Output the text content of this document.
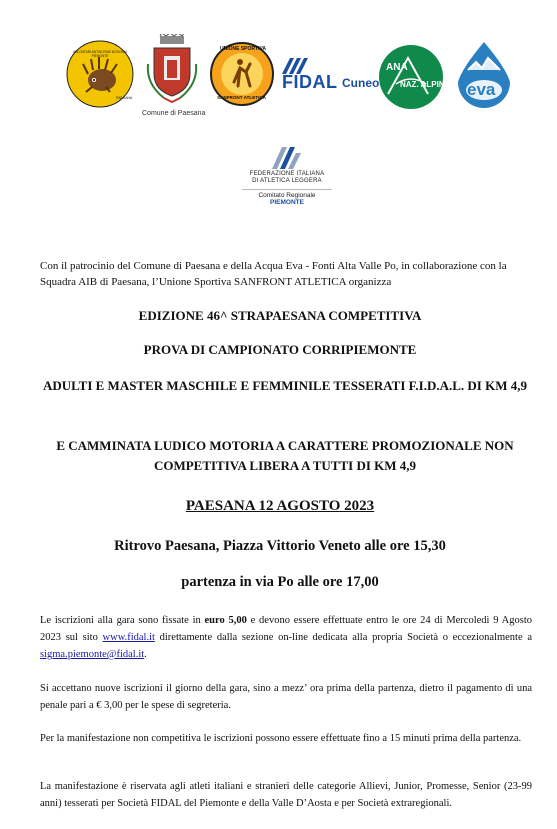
VOLONTARI ANTINCENDI BOSCHIVI PIEMONTE
PAESANA
Comune di Paesana
UNIONE SPORTIVA
SANFRONT ATLETICA
FIDAL Cuneo
ANA
NAZ. ALPINI eva
FEDERAZIONE ITALIANA
DI ATLETICA LEGGERA
Comitato Regionale PIEMONTE
Con il patrocinio del Comune di Paesana e della Acqua Eva - Fonti Alta Valle Po, in collaborazione con la Squadra AIB di Paesana, l’Unione Sportiva SANFRONT ATLETICA organizza
EDIZIONE 46^ STRAPAESANA COMPETITIVA
PROVA DI CAMPIONATO CORRIPIEMONTE
ADULTI E MASTER MASCHILE E FEMMINILE TESSERATI F.I.D.A.L. DI KM 4,9
E CAMMINATA LUDICO MOTORIA A CARATTERE PROMOZIONALE NON COMPETITIVA LIBERA A TUTTI DI KM 4,9
PAESANA 12 AGOSTO 2023
Ritrovo Paesana, Piazza Vittorio Veneto alle ore 15,30
partenza in via Po alle ore 17,00
Le iscrizioni alla gara sono fissate in euro 5,00 e devono essere effettuate entro le ore 24 di Mercoledì 9 Agosto 2023 sul sito www.fidal.it direttamente dalla sezione on-line dedicata alla propria Società o eccezionalmente a sigma.piemonte@fidal.it.
Si accettano nuove iscrizioni il giorno della gara, sino a mezz’ ora prima della partenza, dietro il pagamento di una penale pari a € 3,00 per le spese di segreteria.
Per la manifestazione non competitiva le iscrizioni possono essere effettuate fino a 15 minuti prima della partenza.
La manifestazione è riservata agli atleti italiani e stranieri delle categorie Allievi, Junior, Promesse, Senior (23-99 anni) tesserati per Società FIDAL del Piemonte e della Valle D’Aosta e per Società extraregionali.
